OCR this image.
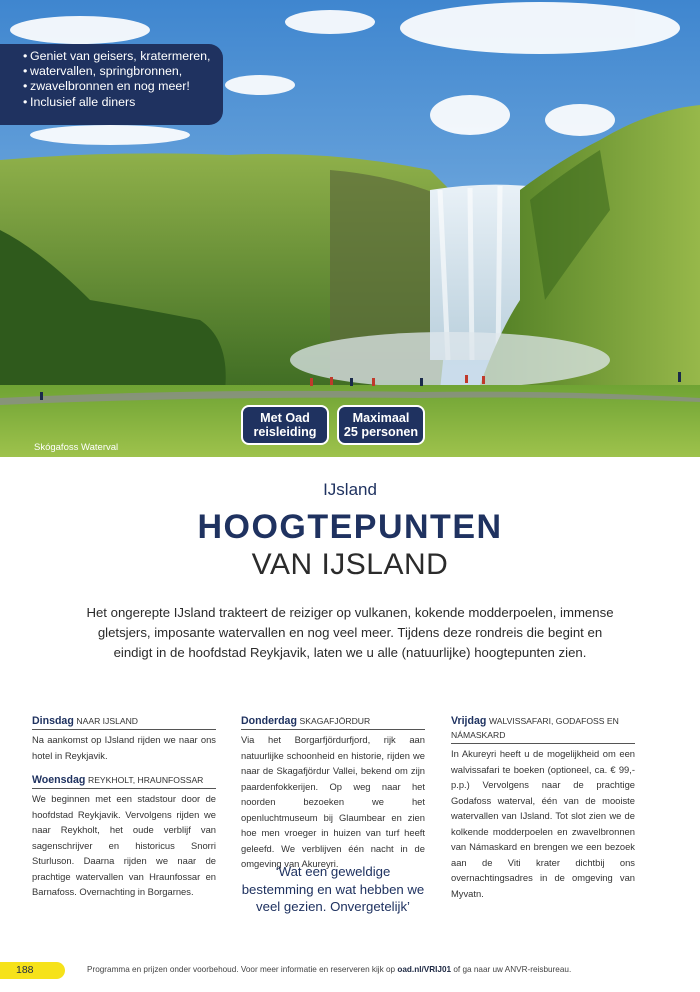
• Geniet van geisers, kratermeren,
• watervallen, springbronnen,
• zwavelbronnen en nog meer!
• Inclusief alle diners
Met Oad
reisleiding
Maximaal
25 personen
Skógafoss Waterval
IJsland
HOOGTEPUNTEN
VAN IJSLAND
Het ongerepte IJsland trakteert de reiziger op vulkanen, kokende modderpoelen, immense gletsjers, imposante watervallen en nog veel meer. Tijdens deze rondreis die begint en eindigt in de hoofdstad Reykjavik, laten we u alle (natuurlijke) hoogtepunten zien.
Dinsdag NAAR IJSLAND
Na aankomst op IJsland rijden we naar ons hotel in Reykjavik.
Woensdag REYKHOLT, HRAUNFOSSAR
We beginnen met een stadstour door de hoofdstad Reykjavik. Vervolgens rijden we naar Reykholt, het oude verblijf van sagenschrijver en historicus Snorri Sturluson. Daarna rijden we naar de prachtige watervallen van Hraunfossar en Barnafoss. Overnachting in Borgarnes.
Donderdag SKAGAFJÖRDUR
Via het Borgarfjördurfjord, rijk aan natuurlijke schoonheid en historie, rijden we naar de Skagafjördur Vallei, bekend om zijn paardenfokkerijen. Op weg naar het noorden bezoeken we het openluchtmuseum bij Glaumbear en zien hoe men vroeger in huizen van turf heeft geleefd. We verblijven één nacht in de omgeving van Akureyri.
Vrijdag WALVISSAFARI, GODAFOSS EN NÁMASKARD
In Akureyri heeft u de mogelijkheid om een walvissafari te boeken (optioneel, ca. € 99,- p.p.) Vervolgens naar de prachtige Godafoss waterval, één van de mooiste watervallen van IJsland. Tot slot zien we de kolkende modderpoelen en zwavelbronnen van Námaskard en brengen we een bezoek aan de Viti krater dichtbij ons overnachtingsadres in de omgeving van Myvatn.
‘Wat een geweldige bestemming en wat hebben we veel gezien. Onvergetelijk’
188	Programma en prijzen onder voorbehoud. Voor meer informatie en reserveren kijk op oad.nl/VRIJ01 of ga naar uw ANVR-reisbureau.
